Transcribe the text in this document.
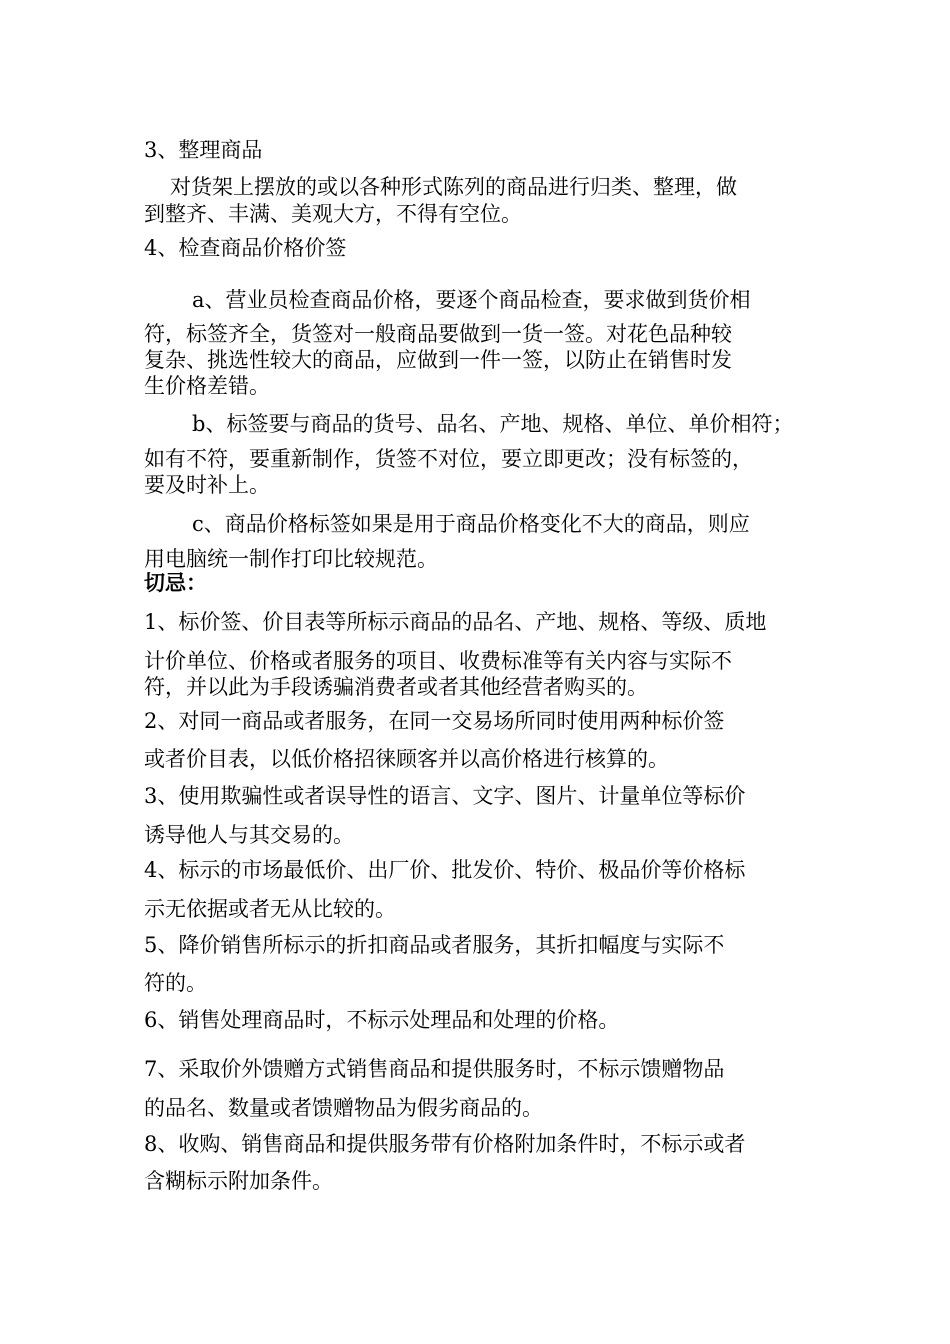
3、整理商品
对货架上摆放的或以各种形式陈列的商品进行归类、整理，做
到整齐、丰满、美观大方，不得有空位。
4、检查商品价格价签
a、营业员检查商品价格，要逐个商品检查，要求做到货价相
符，标签齐全，货签对一般商品要做到一货一签。对花色品种较
复杂、挑选性较大的商品，应做到一件一签，以防止在销售时发
生价格差错。
b、标签要与商品的货号、品名、产地、规格、单位、单价相符；
如有不符，要重新制作，货签不对位，要立即更改；没有标签的，
要及时补上。
c、商品价格标签如果是用于商品价格变化不大的商品，则应
用电脑统一制作打印比较规范。
切忌：
1、标价签、价目表等所标示商品的品名、产地、规格、等级、质地
计价单位、价格或者服务的项目、收费标准等有关内容与实际不
符，并以此为手段诱骗消费者或者其他经营者购买的。
2、对同一商品或者服务，在同一交易场所同时使用两种标价签
或者价目表，以低价格招徕顾客并以高价格进行核算的。
3、使用欺骗性或者误导性的语言、文字、图片、计量单位等标价
诱导他人与其交易的。
4、标示的市场最低价、出厂价、批发价、特价、极品价等价格标
示无依据或者无从比较的。
5、降价销售所标示的折扣商品或者服务，其折扣幅度与实际不
符的。
6、销售处理商品时，不标示处理品和处理的价格。
7、采取价外馈赠方式销售商品和提供服务时，不标示馈赠物品
的品名、数量或者馈赠物品为假劣商品的。
8、收购、销售商品和提供服务带有价格附加条件时，不标示或者
含糊标示附加条件。
